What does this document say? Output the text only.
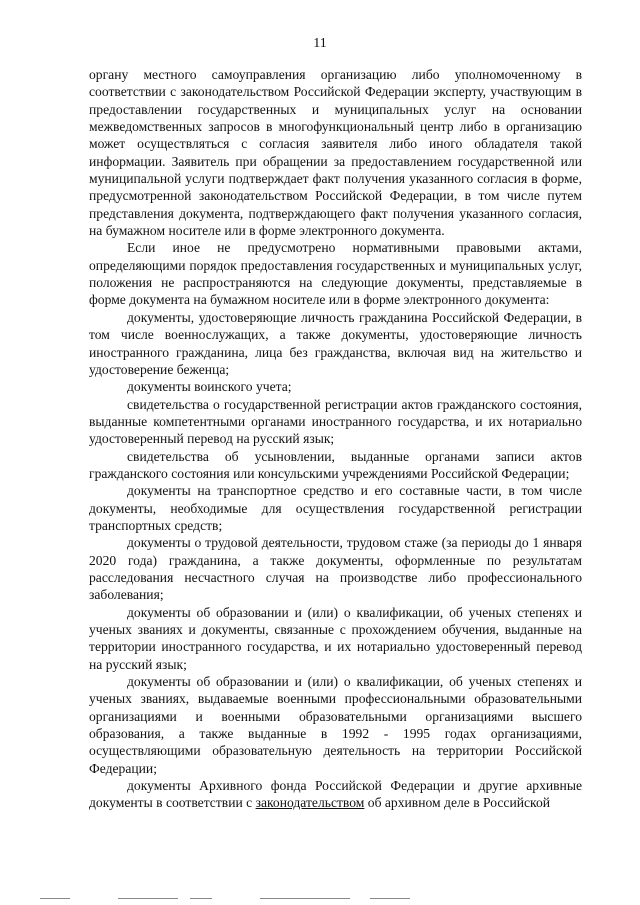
11

органу местного самоуправления организацию либо уполномоченному в соответствии с законодательством Российской Федерации эксперту, участвующим в предоставлении государственных и муниципальных услуг на основании межведомственных запросов в многофункциональный центр либо в организацию может осуществляться с согласия заявителя либо иного обладателя такой информации. Заявитель при обращении за предоставлением государственной или муниципальной услуги подтверждает факт получения указанного согласия в форме, предусмотренной законодательством Российской Федерации, в том числе путем представления документа, подтверждающего факт получения указанного согласия, на бумажном носителе или в форме электронного документа.

Если иное не предусмотрено нормативными правовыми актами, определяющими порядок предоставления государственных и муниципальных услуг, положения не распространяются на следующие документы, представляемые в форме документа на бумажном носителе или в форме электронного документа:

документы, удостоверяющие личность гражданина Российской Федерации, в том числе военнослужащих, а также документы, удостоверяющие личность иностранного гражданина, лица без гражданства, включая вид на жительство и удостоверение беженца;

документы воинского учета;

свидетельства о государственной регистрации актов гражданского состояния, выданные компетентными органами иностранного государства, и их нотариально удостоверенный перевод на русский язык;

свидетельства об усыновлении, выданные органами записи актов гражданского состояния или консульскими учреждениями Российской Федерации;

документы на транспортное средство и его составные части, в том числе документы, необходимые для осуществления государственной регистрации транспортных средств;

документы о трудовой деятельности, трудовом стаже (за периоды до 1 января 2020 года) гражданина, а также документы, оформленные по результатам расследования несчастного случая на производстве либо профессионального заболевания;

документы об образовании и (или) о квалификации, об ученых степенях и ученых званиях и документы, связанные с прохождением обучения, выданные на территории иностранного государства, и их нотариально удостоверенный перевод на русский язык;

документы об образовании и (или) о квалификации, об ученых степенях и ученых званиях, выдаваемые военными профессиональными образовательными организациями и военными образовательными организациями высшего образования, а также выданные в 1992 - 1995 годах организациями, осуществляющими образовательную деятельность на территории Российской Федерации;

документы Архивного фонда Российской Федерации и другие архивные документы в соответствии с законодательством об архивном деле в Российской
